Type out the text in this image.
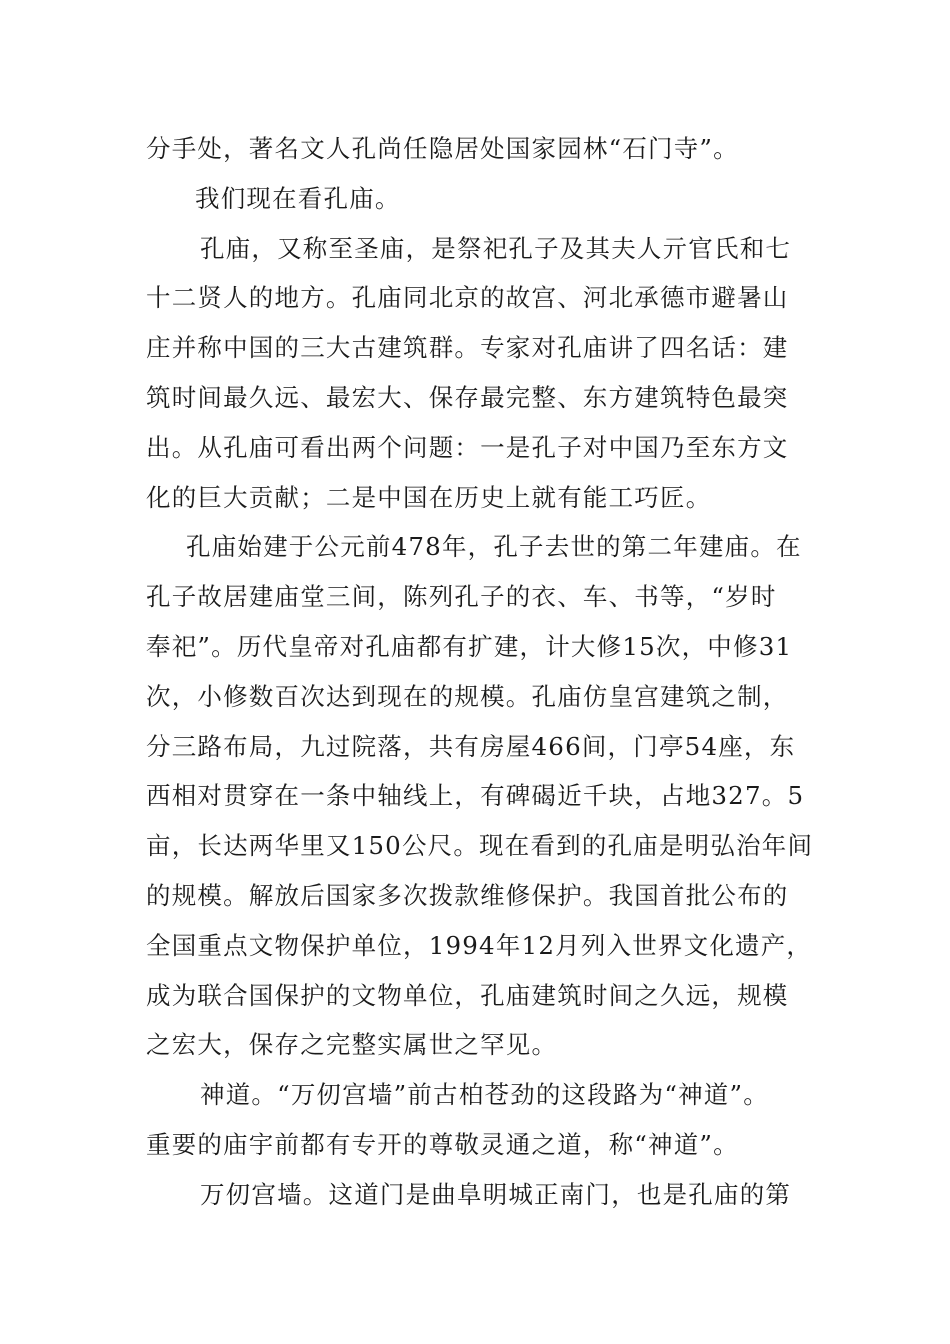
分手处，著名文人孔尚任隐居处国家园林“石门寺”。
我们现在看孔庙。
孔庙，又称至圣庙，是祭祀孔子及其夫人亓官氏和七
十二贤人的地方。孔庙同北京的故宫、河北承德市避暑山
庄并称中国的三大古建筑群。专家对孔庙讲了四名话：建
筑时间最久远、最宏大、保存最完整、东方建筑特色最突
出。从孔庙可看出两个问题：一是孔子对中国乃至东方文
化的巨大贡献；二是中国在历史上就有能工巧匠。
孔庙始建于公元前478年，孔子去世的第二年建庙。在
孔子故居建庙堂三间，陈列孔子的衣、车、书等，“岁时
奉祀”。历代皇帝对孔庙都有扩建，计大修15次，中修31
次，小修数百次达到现在的规模。孔庙仿皇宫建筑之制，
分三路布局，九过院落，共有房屋466间，门亭54座，东
西相对贯穿在一条中轴线上，有碑碣近千块，占地327。5
亩，长达两华里又150公尺。现在看到的孔庙是明弘治年间
的规模。解放后国家多次拨款维修保护。我国首批公布的
全国重点文物保护单位，1994年12月列入世界文化遗产，
成为联合国保护的文物单位，孔庙建筑时间之久远，规模
之宏大，保存之完整实属世之罕见。
神道。“万仞宫墙”前古柏苍劲的这段路为“神道”。
重要的庙宇前都有专开的尊敬灵通之道，称“神道”。
万仞宫墙。这道门是曲阜明城正南门，也是孔庙的第
